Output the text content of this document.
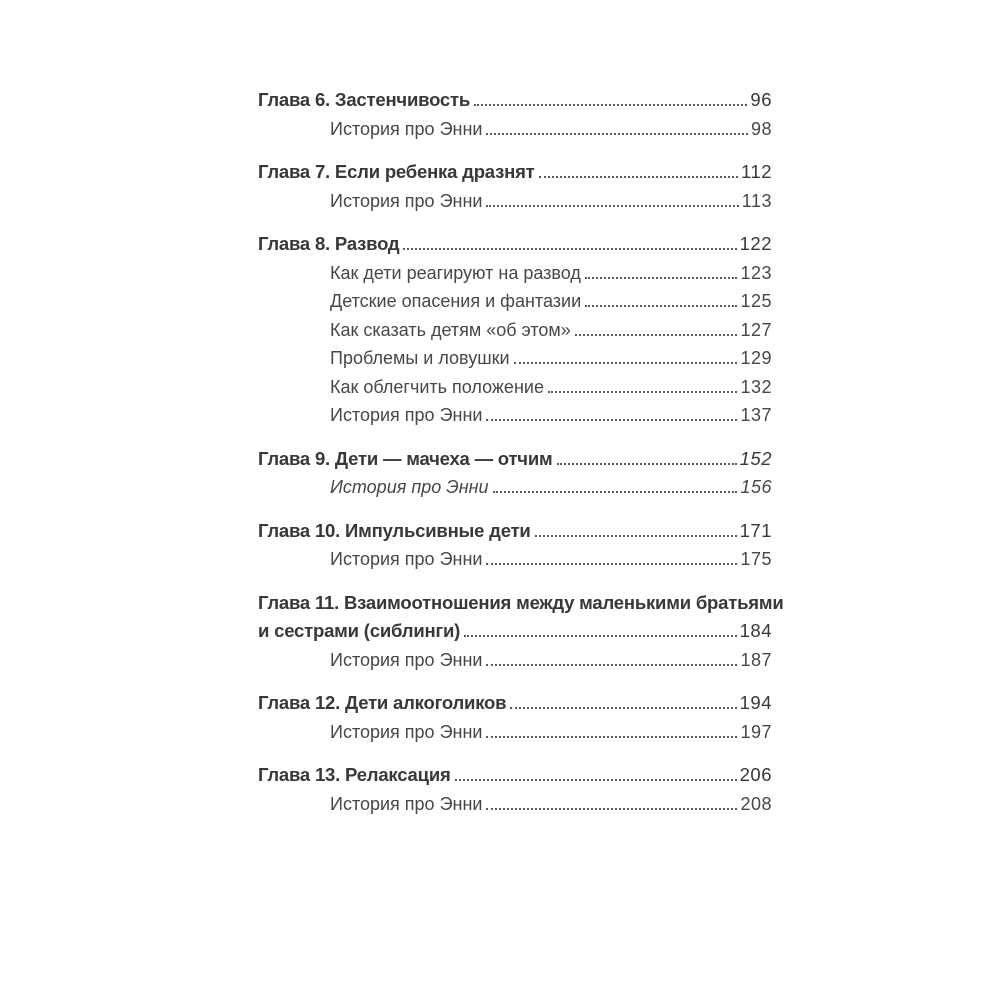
Глава 6. Застенчивость	96
История про Энни	98
Глава 7. Если ребенка дразнят	112
История про Энни	113
Глава 8. Развод	122
Как дети реагируют на развод	123
Детские опасения и фантазии	125
Как сказать детям «об этом»	127
Проблемы и ловушки	129
Как облегчить положение	132
История про Энни	137
Глава 9. Дети — мачеха — отчим	152
История про Энни	156
Глава 10. Импульсивные дети	171
История про Энни	175
Глава 11. Взаимоотношения между маленькими братьями
и сестрами (сиблинги)	184
История про Энни	187
Глава 12. Дети алкоголиков	194
История про Энни	197
Глава 13. Релаксация	206
История про Энни	208
